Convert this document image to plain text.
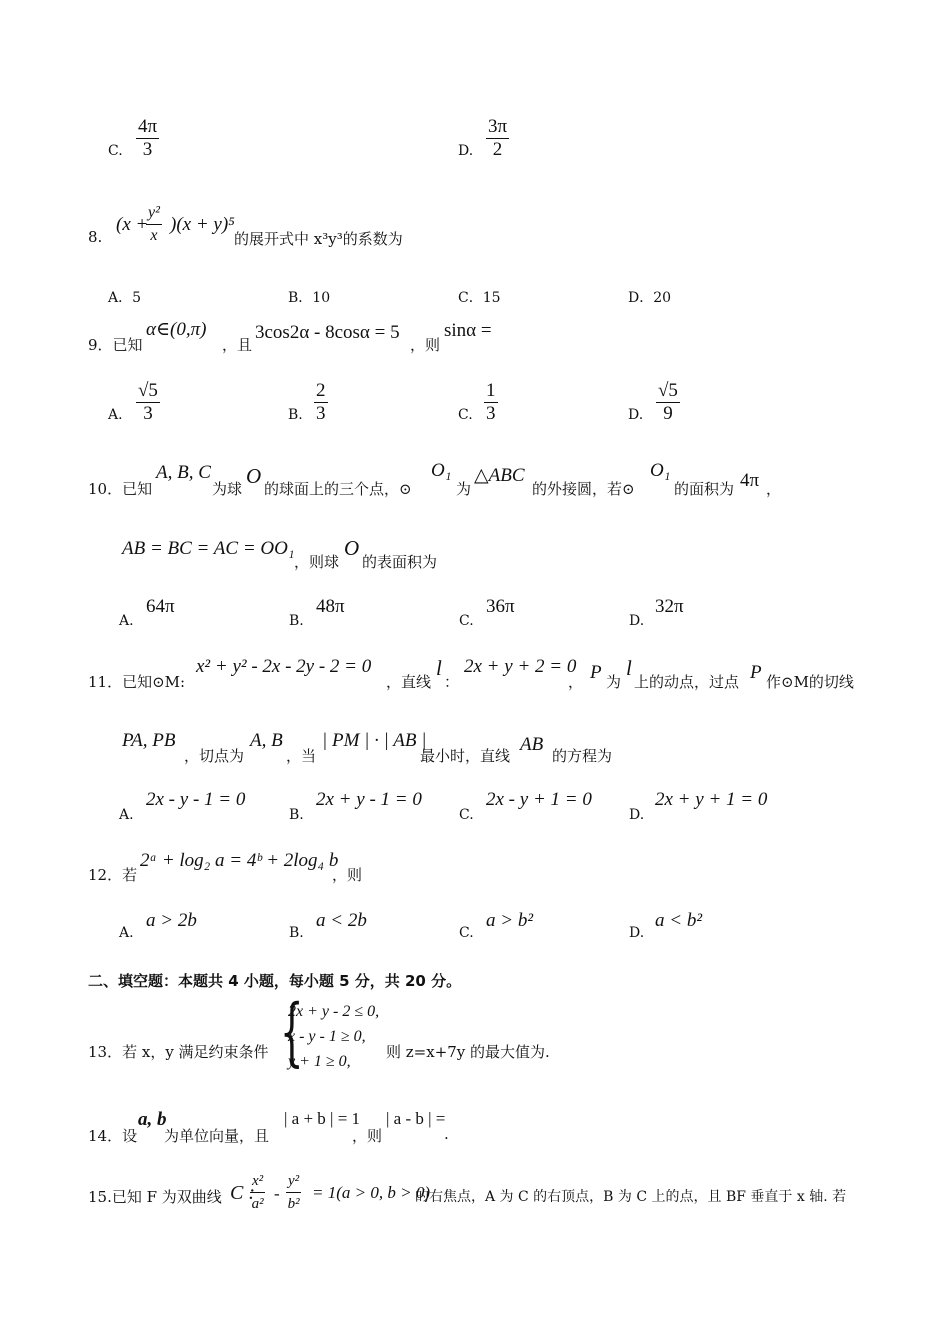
C.
4π
3	D.
3π
2
8.
(x +
y²
x
)(x + y)⁵
的展开式中 x³y³的系数为
A．5	B．10	C．15	D．20
9．已知
α∈(0,π)
，且
3cos2α - 8cosα = 5
，则
sinα =
A.
√5
3	B.
2
3	C.
1
3	D.
√5
9
10．已知
A, B, C
为球
O
的球面上的三个点，⊙
O₁
为
△ABC
的外接圆，若⊙
O₁
的面积为 4π ，
AB = BC = AC = OO₁
，则球
O
的表面积为
A.
64π
B.
48π
C.
36π
D.
32π
11．已知⊙M:
x² + y² - 2x - 2y - 2 = 0
，直线
l
：
2x + y + 2 = 0
， P 为
l
上的动点，过点 P 作⊙M的切线
PA, PB
，切点为
A, B
，当
| PM | · | AB |
最小时，直线
AB
的方程为
A.
2x - y - 1 = 0
B.
2x + y - 1 = 0
C.
2x - y + 1 = 0
D.
2x + y + 1 = 0
12．若
2ᵃ + log₂ a = 4ᵇ + 2log₄ b
，则
A.
a > 2b
B.
a < 2b
C.
a > b²
D.
a < b²
二、填空题：本题共 4 小题，每小题 5 分，共 20 分。
13．若 x，y 满足约束条件 {
2x + y - 2 ≤ 0,
x - y - 1 ≥ 0,
y + 1 ≥ 0,
则 z=x+7y 的最大值为.
14．设
a, b
为单位向量，且
| a + b | = 1
，则
| a - b | =
.
15.已知 F 为双曲线 C :
x²
a²
-
y²
b²
= 1(a > 0, b > 0)
的右焦点，A 为 C 的右顶点，B 为 C 上的点，且 BF 垂直于 x 轴. 若
